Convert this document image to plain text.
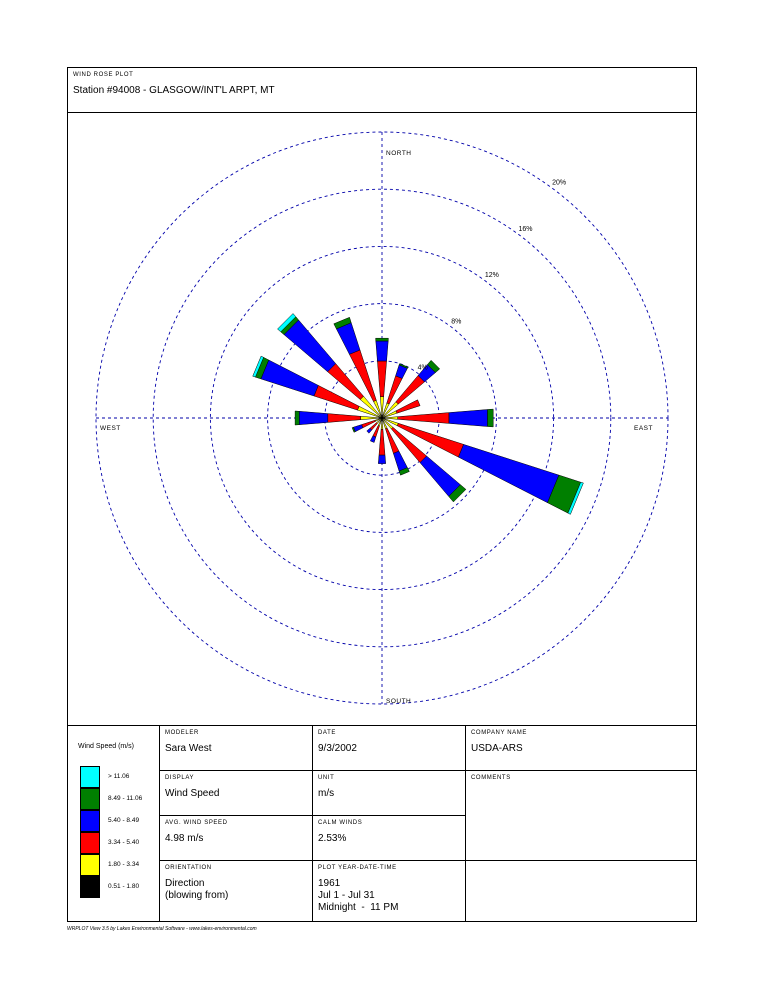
WIND ROSE PLOT
Station #94008 - GLASGOW/INT'L ARPT, MT
4%
8%
12%
16%
20%
NORTH
SOUTH
EAST
WEST
Wind Speed (m/s)
> 11.06
8.49 - 11.06
5.40 - 8.49
3.34 - 5.40
1.80 - 3.34
0.51 - 1.80
MODELER
Sara West
DATE
9/3/2002
COMPANY NAME
USDA-ARS
DISPLAY
Wind Speed
UNIT
m/s
COMMENTS
AVG. WIND SPEED
4.98 m/s
CALM WINDS
2.53%
ORIENTATION
Direction
(blowing from)
PLOT YEAR-DATE-TIME
1961
Jul 1 - Jul 31
Midnight  -  11 PM
WRPLOT View 3.5 by Lakes Environmental Software - www.lakes-environmental.com
